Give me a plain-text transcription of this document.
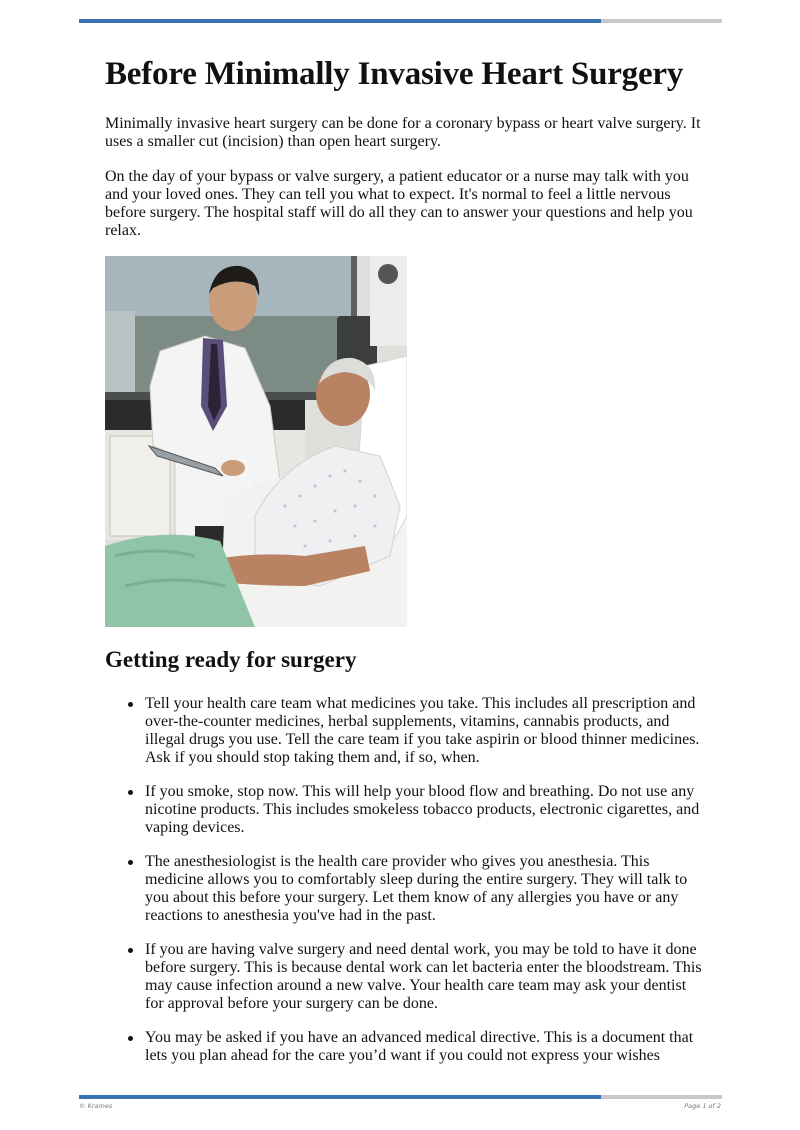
Before Minimally Invasive Heart Surgery

Minimally invasive heart surgery can be done for a coronary bypass or heart valve surgery. It uses a smaller cut (incision) than open heart surgery.

On the day of your bypass or valve surgery, a patient educator or a nurse may talk with you and your loved ones. They can tell you what to expect. It's normal to feel a little nervous before surgery. The hospital staff will do all they can to answer your questions and help you relax.

Getting ready for surgery
Tell your health care team what medicines you take. This includes all prescription and over-the-counter medicines, herbal supplements, vitamins, cannabis products, and illegal drugs you use. Tell the care team if you take aspirin or blood thinner medicines. Ask if you should stop taking them and, if so, when.
If you smoke, stop now. This will help your blood flow and breathing. Do not use any nicotine products. This includes smokeless tobacco products, electronic cigarettes, and vaping devices.
The anesthesiologist is the health care provider who gives you anesthesia. This medicine allows you to comfortably sleep during the entire surgery. They will talk to you about this before your surgery. Let them know of any allergies you have or any reactions to anesthesia you've had in the past.
If you are having valve surgery and need dental work, you may be told to have it done before surgery. This is because dental work can let bacteria enter the bloodstream. This may cause infection around a new valve. Your health care team may ask your dentist for approval before your surgery can be done.
You may be asked if you have an advanced medical directive. This is a document that lets you plan ahead for the care you’d want if you could not express your wishes
© Krames	Page 1 of 2
